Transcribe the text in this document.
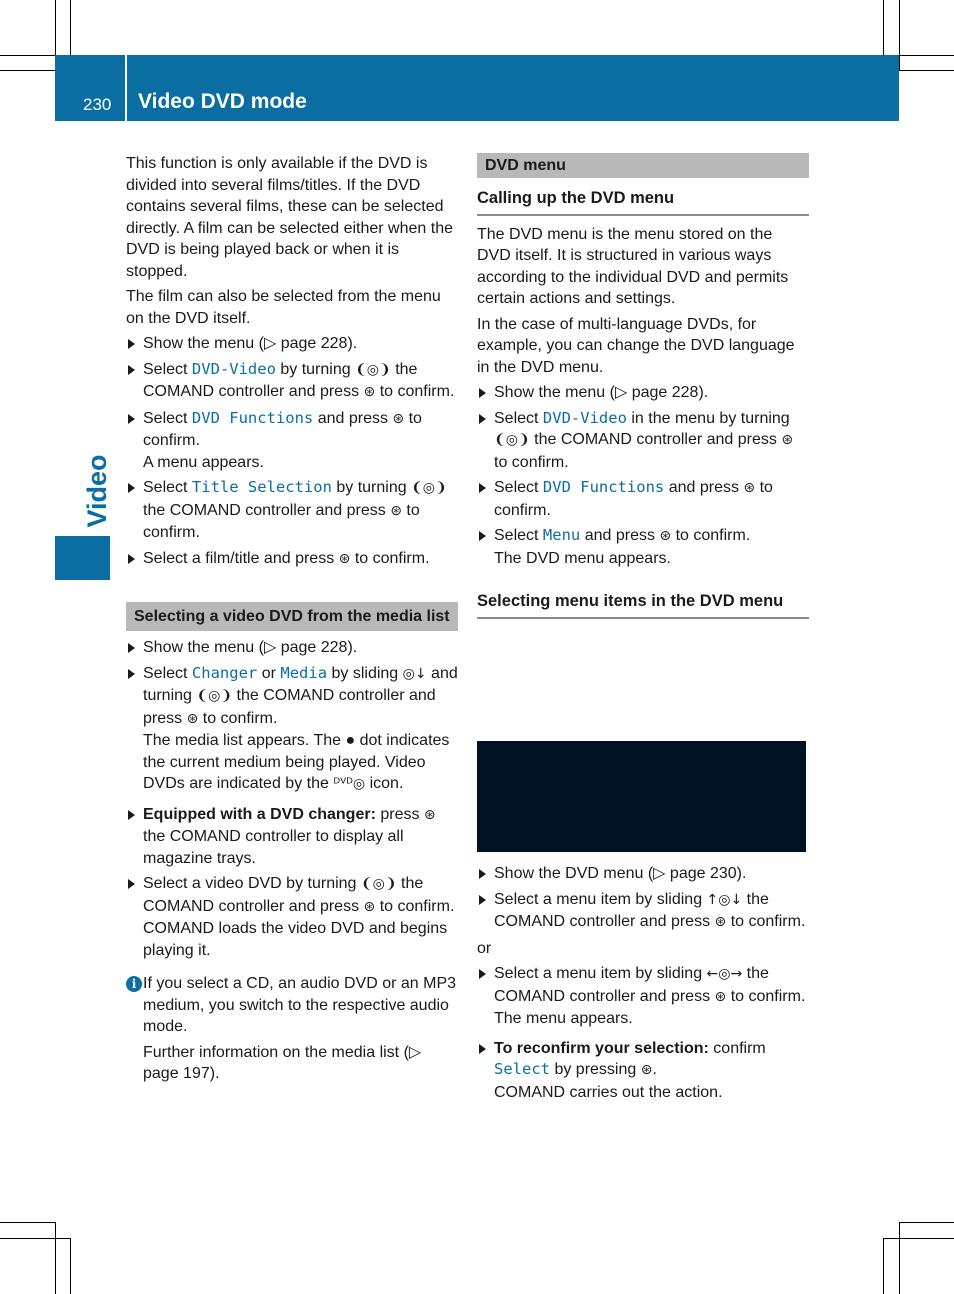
230 Video DVD mode
Video

This function is only available if the DVD is divided into several films/titles. If the DVD contains several films, these can be selected directly. A film can be selected either when the DVD is being played back or when it is stopped.

The film can also be selected from the menu on the DVD itself.

Show the menu (▷ page 228).
Select DVD-Video by turning ❨◎❩ the COMAND controller and press ⊛ to confirm.
Select DVD Functions and press ⊛ to confirm.
A menu appears.
Select Title Selection by turning ❨◎❩ the COMAND controller and press ⊛ to confirm.
Select a film/title and press ⊛ to confirm.
Selecting a video DVD from the media list
Show the menu (▷ page 228).
Select Changer or Media by sliding ◎↓ and turning ❨◎❩ the COMAND controller and press ⊛ to confirm.
The media list appears. The ● dot indicates the current medium being played. Video DVDs are indicated by the ᴰⱽᴰ◎ icon.
Equipped with a DVD changer: press ⊛ the COMAND controller to display all magazine trays.
Select a video DVD by turning ❨◎❩ the COMAND controller and press ⊛ to confirm.
COMAND loads the video DVD and begins playing it.
i If you select a CD, an audio DVD or an MP3 medium, you switch to the respective audio mode.

Further information on the media list (▷ page 197).

DVD menu
Calling up the DVD menu

The DVD menu is the menu stored on the DVD itself. It is structured in various ways according to the individual DVD and permits certain actions and settings.

In the case of multi-language DVDs, for example, you can change the DVD language in the DVD menu.

Show the menu (▷ page 228).
Select DVD-Video in the menu by turning ❨◎❩ the COMAND controller and press ⊛ to confirm.
Select DVD Functions and press ⊛ to confirm.
Select Menu and press ⊛ to confirm.
The DVD menu appears.
Selecting menu items in the DVD menu
Show the DVD menu (▷ page 230).
Select a menu item by sliding ↑◎↓ the COMAND controller and press ⊛ to confirm.

or

Select a menu item by sliding ←◎→ the COMAND controller and press ⊛ to confirm.
The menu appears.
To reconfirm your selection: confirm Select by pressing ⊛.
COMAND carries out the action.
